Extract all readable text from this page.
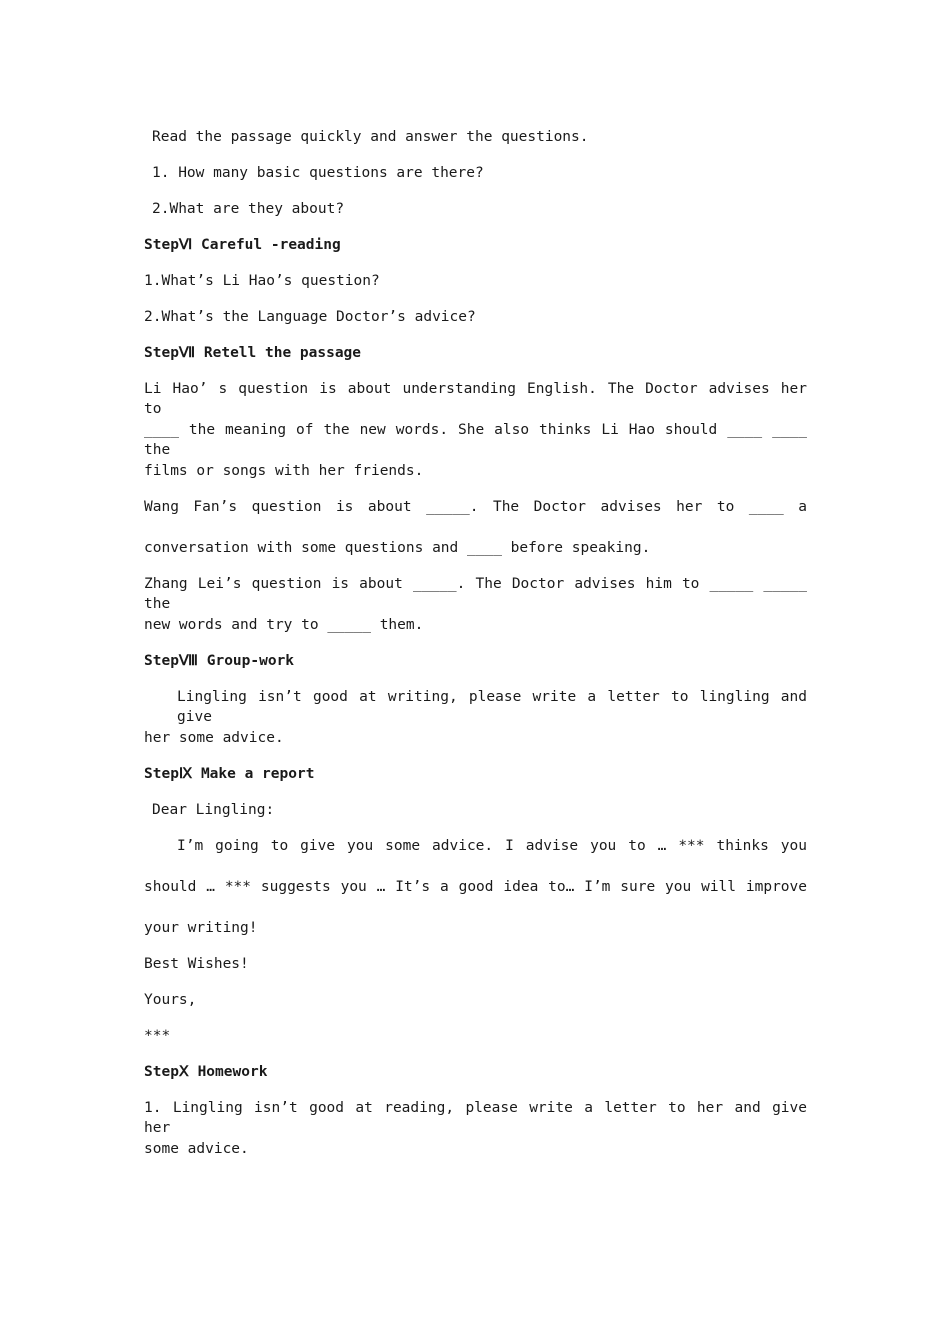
Read the passage quickly and answer the questions.
1. How many basic questions are there?
2.What are they about?
StepⅥ Careful -reading
1.What’s Li Hao’s question?
2.What’s the Language Doctor’s advice?
StepⅦ Retell the passage
Li Hao’ s question is about understanding English. The Doctor advises her to
____ the meaning of the new words. She also thinks Li Hao should ____ ____ the
films or songs with her friends.
Wang Fan’s question is about _____. The Doctor advises her to ____ a
conversation with some questions and ____ before speaking.
Zhang Lei’s question is about _____. The Doctor advises him to _____ _____ the
new words and try to _____ them.
StepⅧ Group-work
Lingling isn’t good at writing, please write a letter to lingling and give
her some advice.
StepⅨ Make a report
Dear Lingling:
I’m going to give you some advice. I advise you to … *** thinks you
should … *** suggests you … It’s a good idea to… I’m sure you will improve
your writing!
Best Wishes!
Yours,
***
StepⅩ Homework
1. Lingling isn’t good at reading, please write a letter to her and give her
some advice.
